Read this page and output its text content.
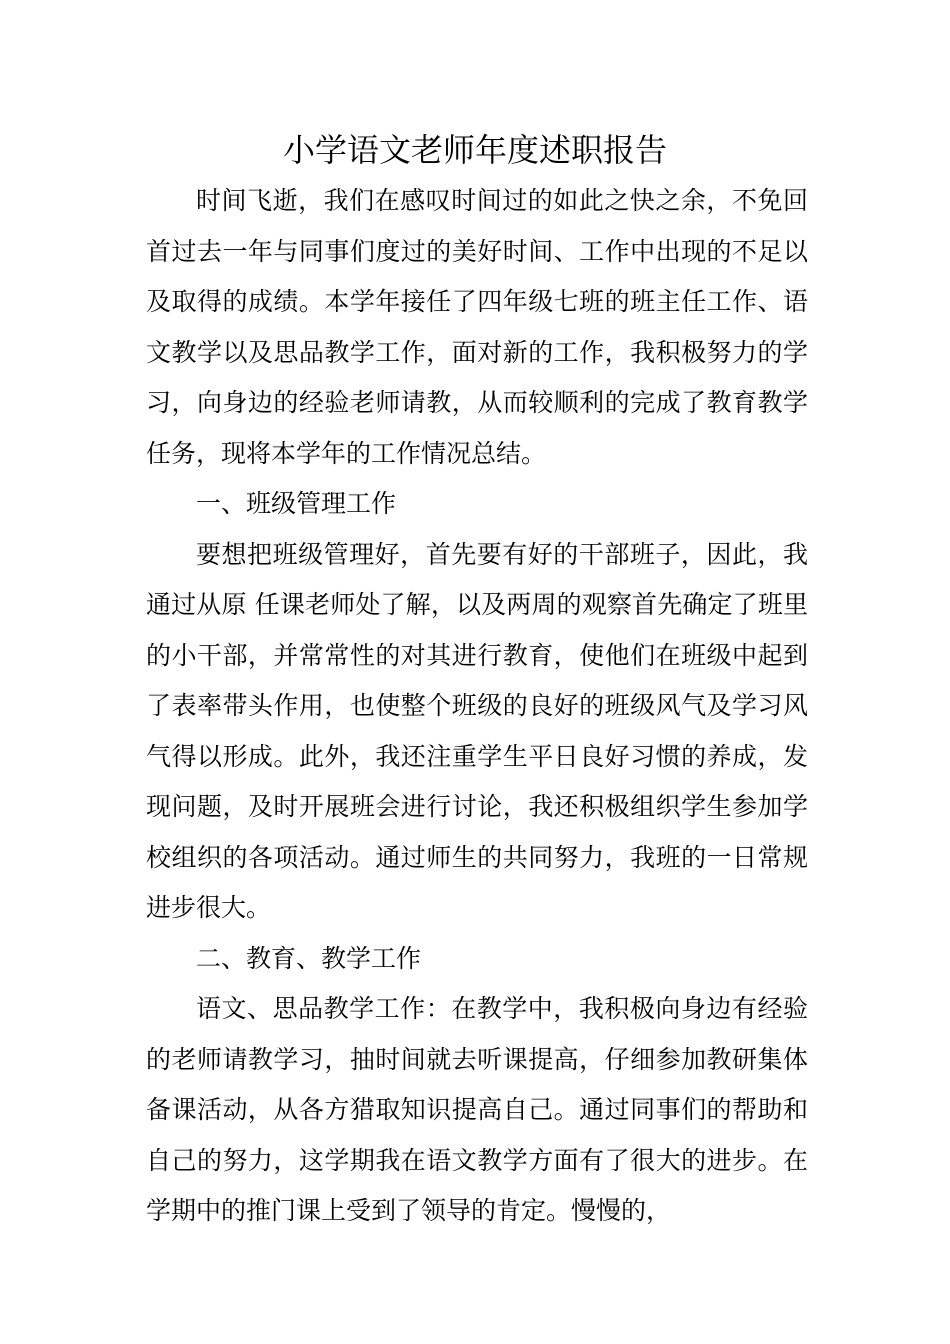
小学语文老师年度述职报告

时间飞逝，我们在感叹时间过的如此之快之余，不免回首过去一年与同事们度过的美好时间、工作中出现的不足以及取得的成绩。本学年接任了四年级七班的班主任工作、语文教学以及思品教学工作，面对新的工作，我积极努力的学习，向身边的经验老师请教，从而较顺利的完成了教育教学任务，现将本学年的工作情况总结。

一、班级管理工作

要想把班级管理好，首先要有好的干部班子，因此，我通过从原 任课老师处了解，以及两周的观察首先确定了班里的小干部，并常常性的对其进行教育，使他们在班级中起到了表率带头作用，也使整个班级的良好的班级风气及学习风气得以形成。此外，我还注重学生平日良好习惯的养成，发现问题，及时开展班会进行讨论，我还积极组织学生参加学校组织的各项活动。通过师生的共同努力，我班的一日常规进步很大。

二、教育、教学工作

语文、思品教学工作：在教学中，我积极向身边有经验的老师请教学习，抽时间就去听课提高，仔细参加教研集体备课活动，从各方猎取知识提高自己。通过同事们的帮助和自己的努力，这学期我在语文教学方面有了很大的进步。在学期中的推门课上受到了领导的肯定。慢慢的，
